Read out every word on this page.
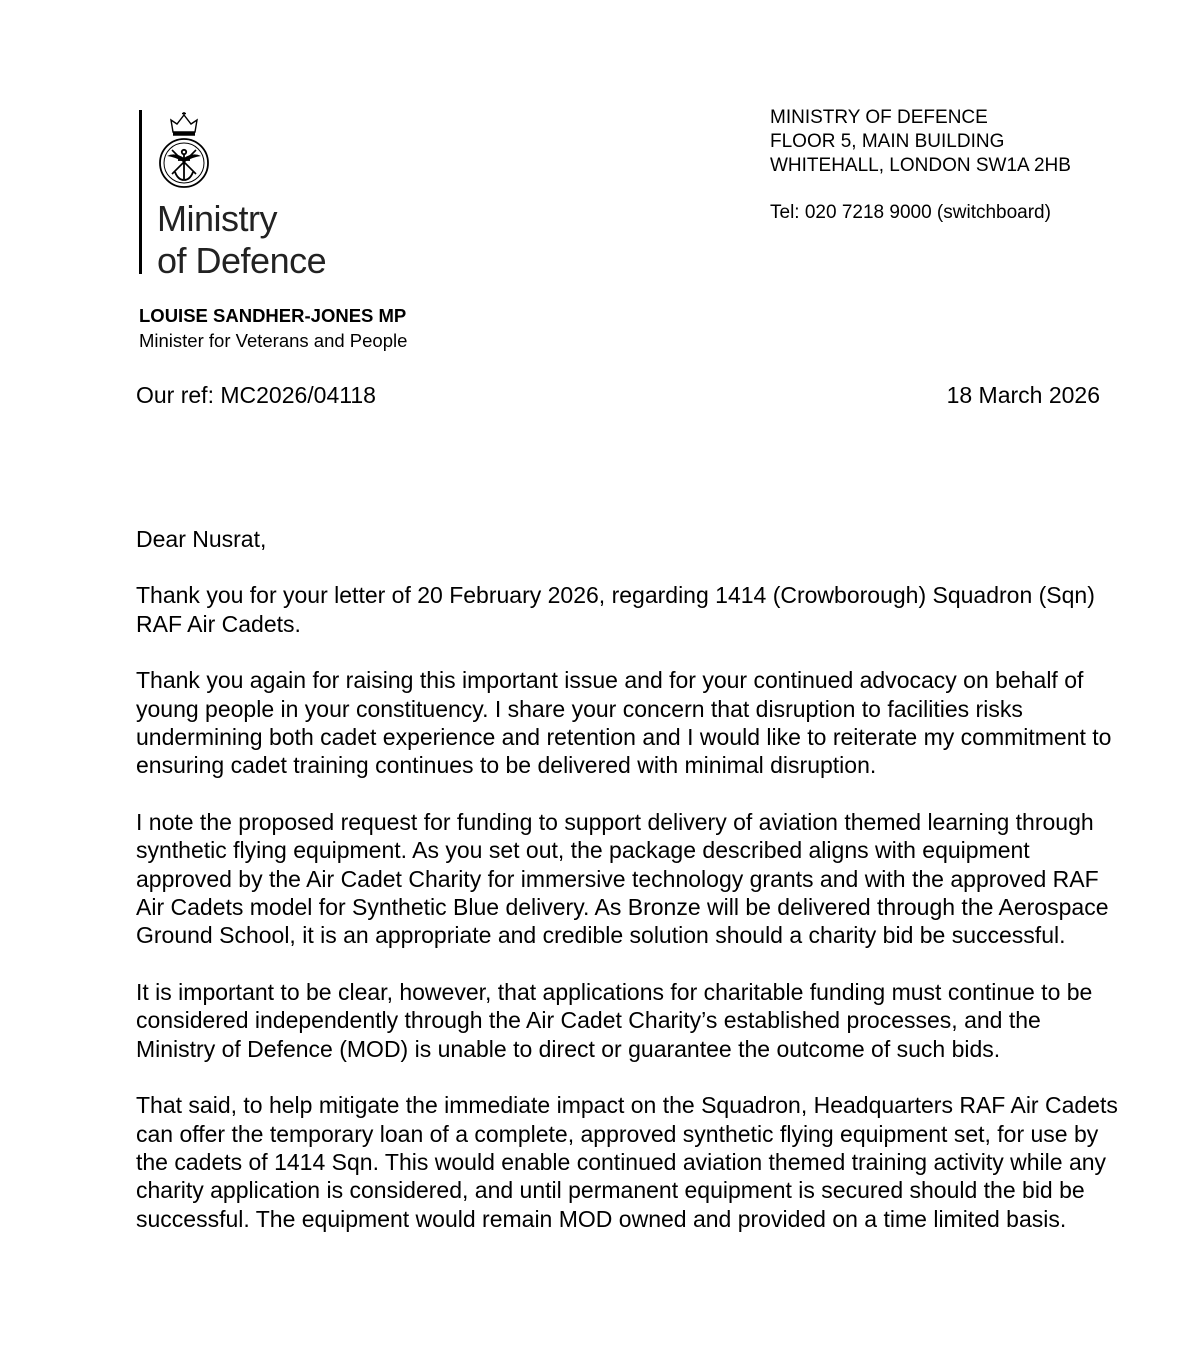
Ministry
of Defence
MINISTRY OF DEFENCE
FLOOR 5, MAIN BUILDING
WHITEHALL, LONDON SW1A 2HB
Tel: 020 7218 9000 (switchboard)
LOUISE SANDHER-JONES MP
Minister for Veterans and People
Our ref: MC2026/04118	18 March 2026

Dear Nusrat,

Thank you for your letter of 20 February 2026, regarding 1414 (Crowborough) Squadron (Sqn) RAF Air Cadets.

Thank you again for raising this important issue and for your continued advocacy on behalf of young people in your constituency. I share your concern that disruption to facilities risks undermining both cadet experience and retention and I would like to reiterate my commitment to ensuring cadet training continues to be delivered with minimal disruption.

I note the proposed request for funding to support delivery of aviation themed learning through synthetic flying equipment. As you set out, the package described aligns with equipment approved by the Air Cadet Charity for immersive technology grants and with the approved RAF Air Cadets model for Synthetic Blue delivery. As Bronze will be delivered through the Aerospace Ground School, it is an appropriate and credible solution should a charity bid be successful.

It is important to be clear, however, that applications for charitable funding must continue to be considered independently through the Air Cadet Charity’s established processes, and the Ministry of Defence (MOD) is unable to direct or guarantee the outcome of such bids.

That said, to help mitigate the immediate impact on the Squadron, Headquarters RAF Air Cadets can offer the temporary loan of a complete, approved synthetic flying equipment set, for use by the cadets of 1414 Sqn. This would enable continued aviation themed training activity while any charity application is considered, and until permanent equipment is secured should the bid be successful. The equipment would remain MOD owned and provided on a time limited basis.
